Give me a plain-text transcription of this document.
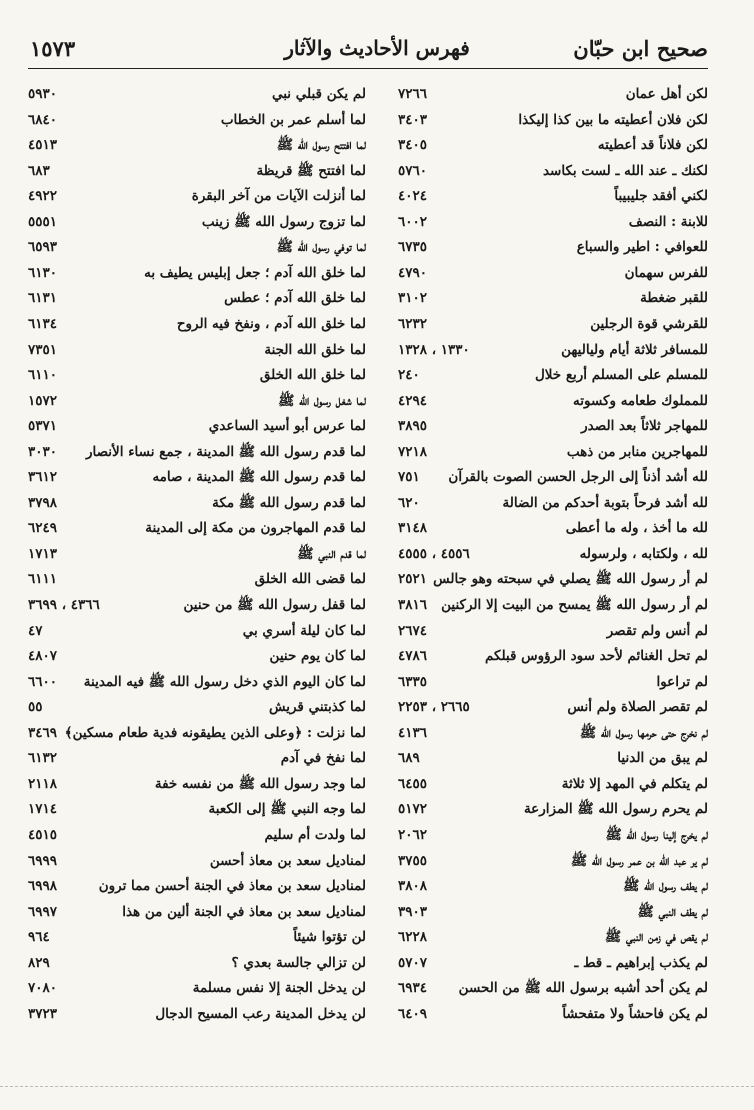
صحيح ابن حبّان
فهرس الأحاديث والآثار
١٥٧٣
لكن أهل عمان
٧٢٦٦
لكن فلان أعطيته ما بين كذا إليكذا
٣٤٠٣
لكن فلاناً قد أعطيته
٣٤٠٥
لكنك ـ عند الله ـ لست بكاسد
٥٧٦٠
لكني أفقد جليبيباً
٤٠٢٤
للابنة : النصف
٦٠٠٢
للعوافي : اطير والسباع
٦٧٣٥
للفرس سهمان
٤٧٩٠
للقبر ضغطة
٣١٠٢
للقرشي قوة الرجلين
٦٢٣٢
للمسافر ثلاثة أيام ولياليهن
١٣٣٠ ، ١٣٢٨
للمسلم على المسلم أربع خلال
٢٤٠
للمملوك طعامه وكسوته
٤٢٩٤
للمهاجر ثلاثاً بعد الصدر
٣٨٩٥
للمهاجرين منابر من ذهب
٧٢١٨
لله أشد أذناً إلى الرجل الحسن الصوت بالقرآن
٧٥١
لله أشد فرحاً بتوبة أحدكم من الضالة
٦٢٠
لله ما أخذ ، وله ما أعطى
٣١٤٨
لله ، ولكتابه ، ولرسوله
٤٥٥٦ ، ٤٥٥٥
لم أر رسول الله ﷺ يصلي في سبحته وهو جالس
٢٥٢١
لم أر رسول الله ﷺ يمسح من البيت إلا الركنين
٣٨١٦
لم أنس ولم تقصر
٢٦٧٤
لم تحل الغنائم لأحد سود الرؤوس قبلكم
٤٧٨٦
لم تراعوا
٦٣٣٥
لم تقصر الصلاة ولم أنس
٢٦٦٥ ، ٢٢٥٣
لم نخرج حتى حرمها رسول الله ﷺ
٤١٣٦
لم يبق من الدنيا
٦٨٩
لم يتكلم في المهد إلا ثلاثة
٦٤٥٥
لم يحرم رسول الله ﷺ المزارعة
٥١٧٢
لم يخرج إلينا رسول الله ﷺ
٢٠٦٢
لم ير عبد الله بن عمر رسول الله ﷺ
٣٧٥٥
لم يطف رسول الله ﷺ
٣٨٠٨
لم يطف النبي ﷺ
٣٩٠٣
لم يقص في زمن النبي ﷺ
٦٢٢٨
لم يكذب إبراهيم ـ قط ـ
٥٧٠٧
لم يكن أحد أشبه برسول الله ﷺ من الحسن
٦٩٣٤
لم يكن فاحشاً ولا متفحشاً
٦٤٠٩
لم يكن قبلي نبي
٥٩٣٠
لما أسلم عمر بن الخطاب
٦٨٤٠
لما افتتح رسول الله ﷺ
٤٥١٣
لما افتتح ﷺ قريظة
٦٨٣
لما أنزلت الآيات من آخر البقرة
٤٩٢٢
لما تزوج رسول الله ﷺ زينب
٥٥٥١
لما توفي رسول الله ﷺ
٦٥٩٣
لما خلق الله آدم ؛ جعل إبليس يطيف به
٦١٣٠
لما خلق الله آدم ؛ عطس
٦١٣١
لما خلق الله آدم ، ونفخ فيه الروح
٦١٣٤
لما خلق الله الجنة
٧٣٥١
لما خلق الله الخلق
٦١١٠
لما شغل رسول الله ﷺ
١٥٧٢
لما عرس أبو أسيد الساعدي
٥٣٧١
لما قدم رسول الله ﷺ المدينة ، جمع نساء الأنصار
٣٠٣٠
لما قدم رسول الله ﷺ المدينة ، صامه
٣٦١٢
لما قدم رسول الله ﷺ مكة
٣٧٩٨
لما قدم المهاجرون من مكة إلى المدينة
٦٢٤٩
لما قدم النبي ﷺ
١٧١٣
لما قضى الله الخلق
٦١١١
لما قفل رسول الله ﷺ من حنين
٤٣٦٦ ، ٣٦٩٩
لما كان ليلة أسري بي
٤٧
لما كان يوم حنين
٤٨٠٧
لما كان اليوم الذي دخل رسول الله ﷺ فيه المدينة
٦٦٠٠
لما كذبتني قريش
٥٥
لما نزلت : ﴿وعلى الذين يطيقونه فدية طعام مسكين﴾
٣٤٦٩
لما نفخ في آدم
٦١٣٢
لما وجد رسول الله ﷺ من نفسه خفة
٢١١٨
لما وجه النبي ﷺ إلى الكعبة
١٧١٤
لما ولدت أم سليم
٤٥١٥
لمناديل سعد بن معاذ أحسن
٦٩٩٩
لمناديل سعد بن معاذ في الجنة أحسن مما ترون
٦٩٩٨
لمناديل سعد بن معاذ في الجنة ألين من هذا
٦٩٩٧
لن تؤتوا شيئاً
٩٦٤
لن تزالي جالسة بعدي ؟
٨٢٩
لن يدخل الجنة إلا نفس مسلمة
٧٠٨٠
لن يدخل المدينة رعب المسيح الدجال
٣٧٢٣
